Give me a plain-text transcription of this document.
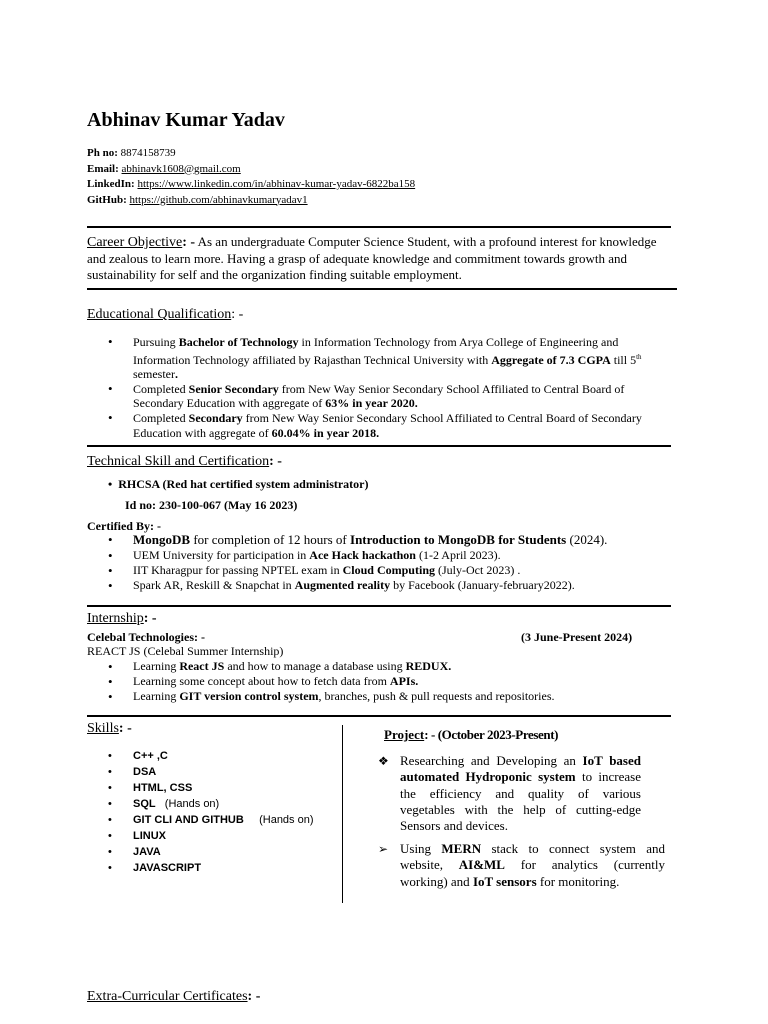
Abhinav Kumar Yadav
Ph no: 8874158739
Email: abhinavk1608@gmail.com
LinkedIn: https://www.linkedin.com/in/abhinav-kumar-yadav-6822ba158
GitHub: https://github.com/abhinavkumaryadav1
Career Objective: - As an undergraduate Computer Science Student, with a profound interest for knowledge and zealous to learn more. Having a grasp of adequate knowledge and commitment towards growth and sustainability for self and the organization finding suitable employment.
Educational Qualification: -
• Pursuing Bachelor of Technology in Information Technology from Arya College of Engineering and Information Technology affiliated by Rajasthan Technical University with Aggregate of 7.3 CGPA till 5th semester.
• Completed Senior Secondary from New Way Senior Secondary School Affiliated to Central Board of Secondary Education with aggregate of 63% in year 2020.
• Completed Secondary from New Way Senior Secondary School Affiliated to Central Board of Secondary Education with aggregate of 60.04% in year 2018.
Technical Skill and Certification: -
• RHCSA (Red hat certified system administrator)
Id no: 230-100-067 (May 16 2023)
Certified By: -
• MongoDB for completion of 12 hours of Introduction to MongoDB for Students (2024).
• UEM University for participation in Ace Hack hackathon (1-2 April 2023).
• IIT Kharagpur for passing NPTEL exam in Cloud Computing (July-Oct 2023) .
• Spark AR, Reskill & Snapchat in Augmented reality by Facebook (January-february2022).
Internship: -
Celebal Technologies: -	(3 June-Present 2024)
REACT JS (Celebal Summer Internship)
• Learning React JS and how to manage a database using REDUX.
• Learning some concept about how to fetch data from APIs.
• Learning GIT version control system, branches, push & pull requests and repositories.
Skills: -
• C++ ,C
• DSA
• HTML, CSS
• SQL (Hands on)
• GIT CLI AND GITHUB (Hands on)
• LINUX
• JAVA
• JAVASCRIPT
Project: - (October 2023-Present)
❖ Researching and Developing an IoT based automated Hydroponic system to increase the efficiency and quality of various vegetables with the help of cutting-edge Sensors and devices.
➢ Using MERN stack to connect system and website, AI&ML for analytics (currently working) and IoT sensors for monitoring.
Extra-Curricular Certificates: -
